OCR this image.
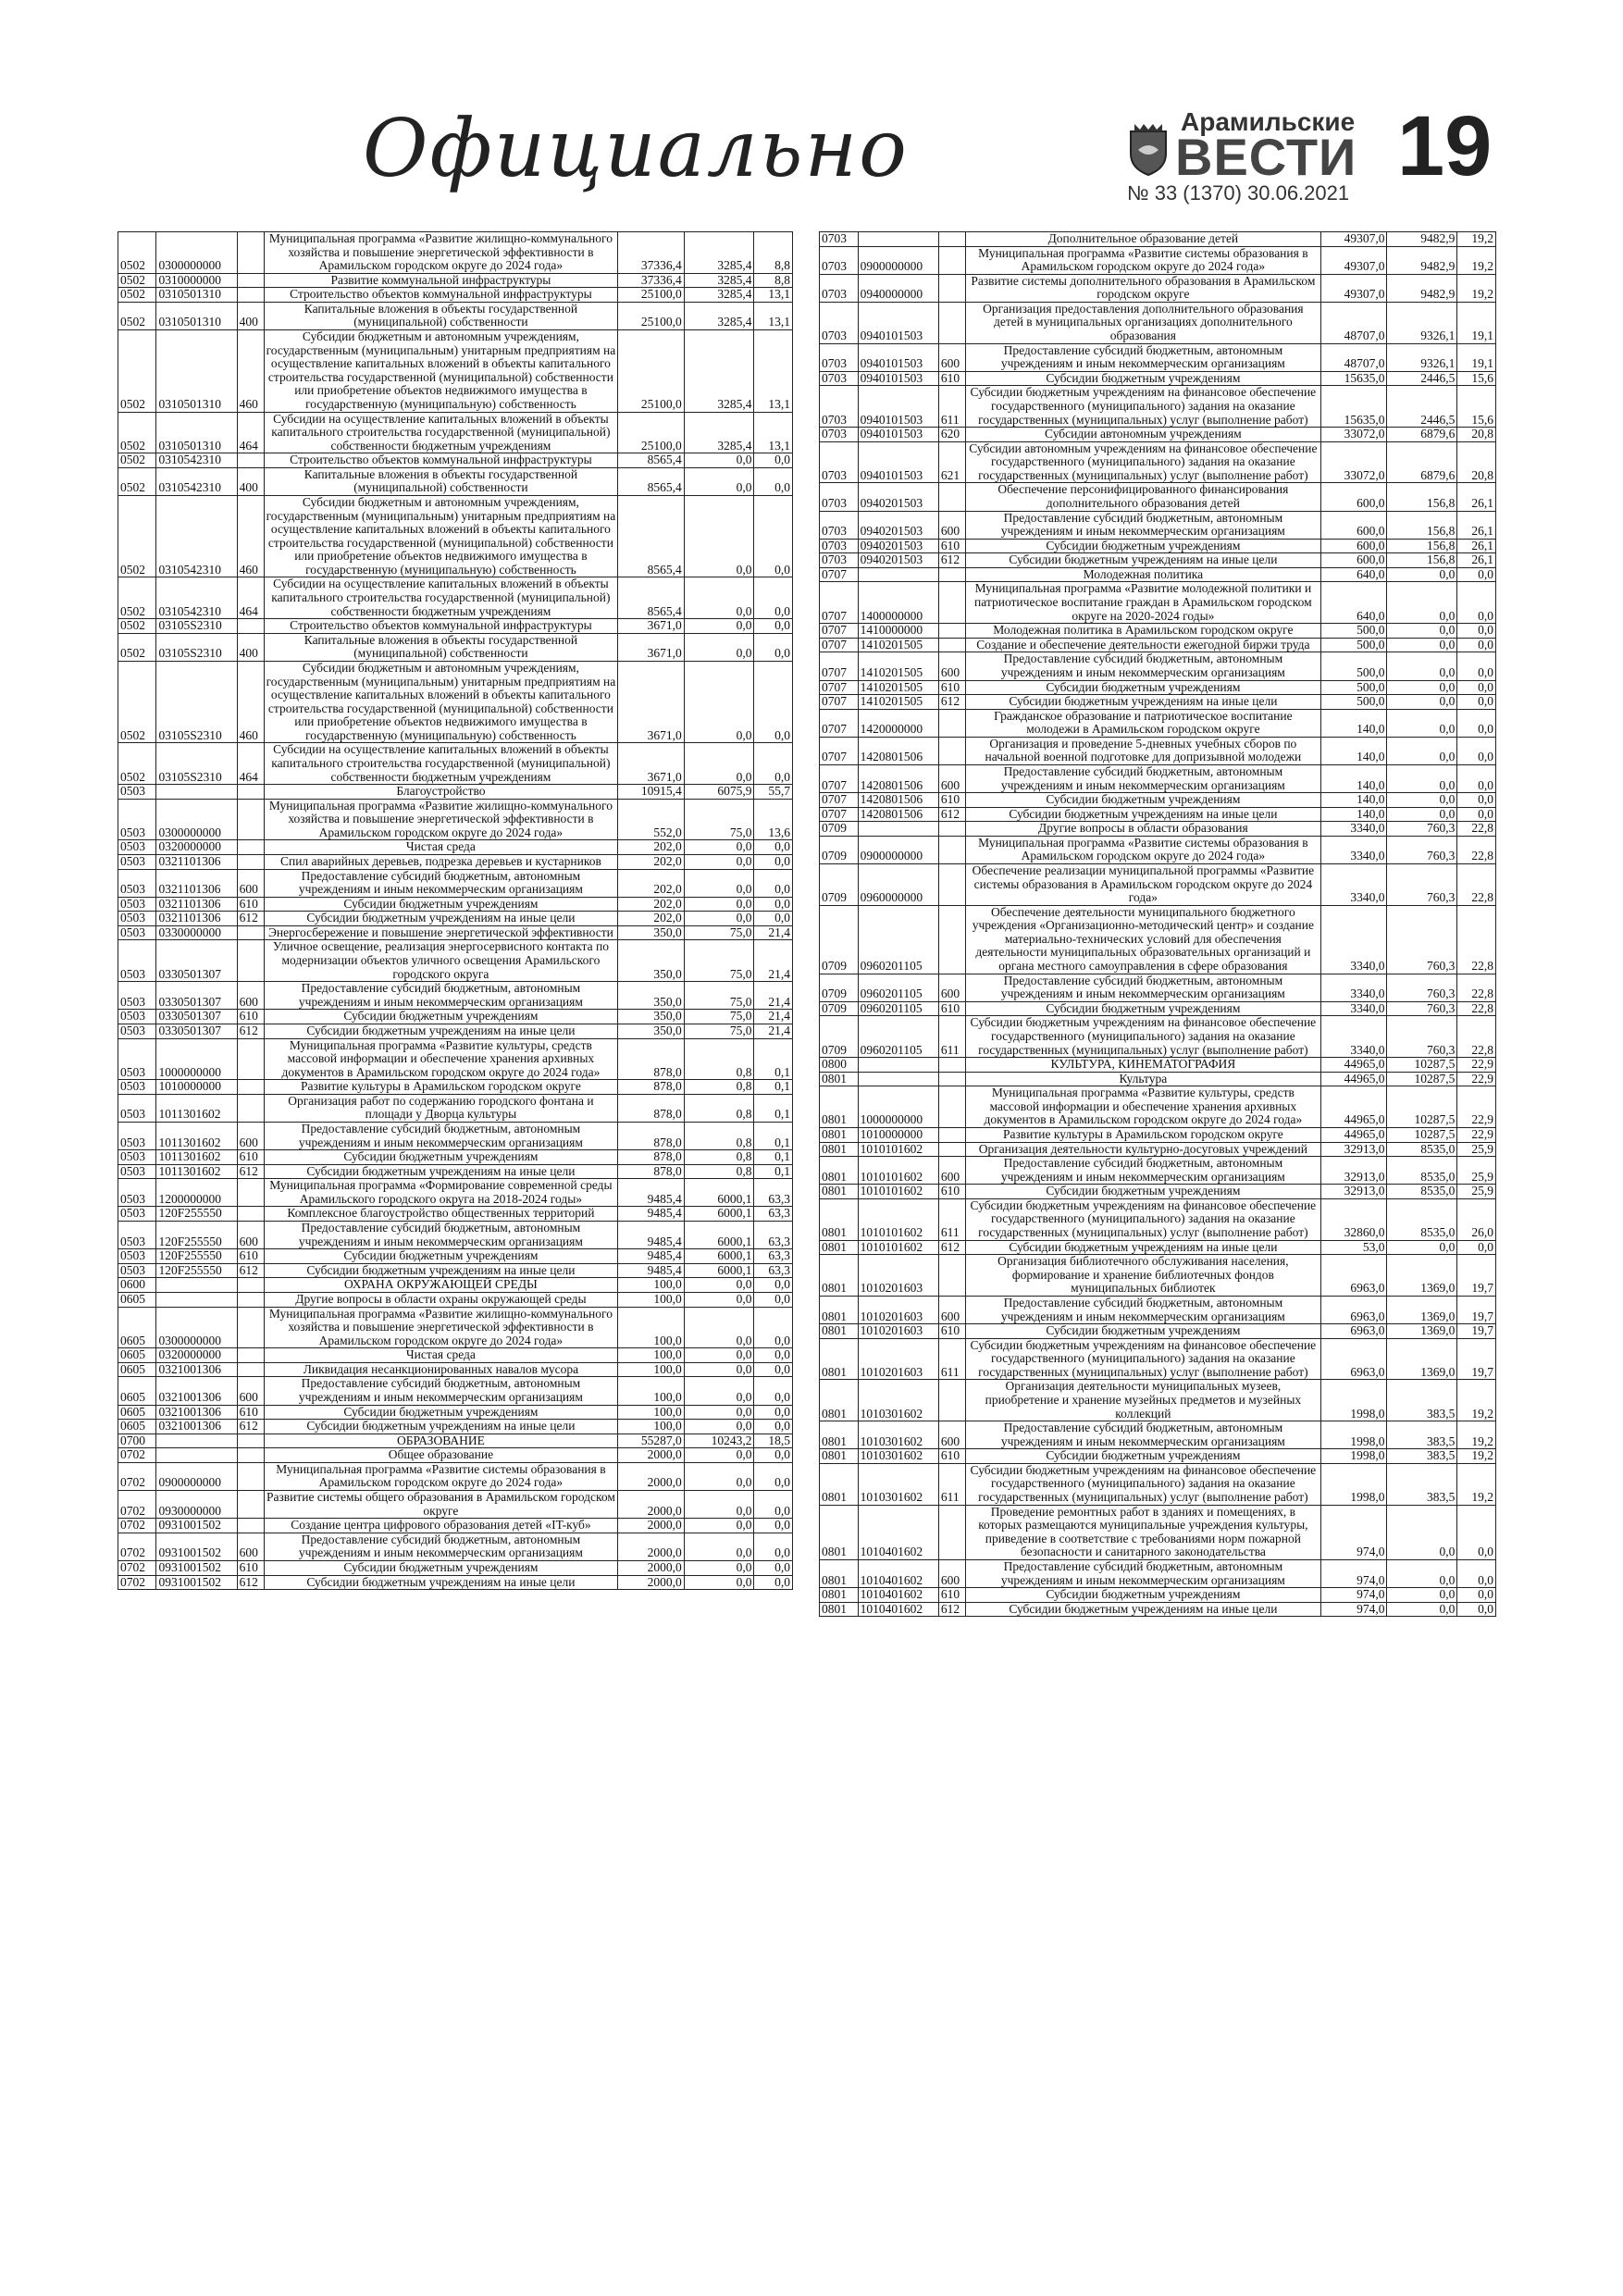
Официально	Арамильские
ВЕСТИ 19
№ 33 (1370) 30.06.2021
0502	0300000000		Муниципальная программа «Развитие жилищно-коммунального хозяйства и повышение энергетической эффективности в Арамильском городском округе до 2024 года»	37336,4	3285,4	8,8
0502	0310000000		Развитие коммунальной инфраструктуры	37336,4	3285,4	8,8
0502	0310501310		Строительство объектов коммунальной инфраструктуры	25100,0	3285,4	13,1
0502	0310501310	400	Капитальные вложения в объекты государственной (муниципальной) собственности	25100,0	3285,4	13,1
0502	0310501310	460	Субсидии бюджетным и автономным учреждениям, государственным (муниципальным) унитарным предприятиям на осуществление капитальных вложений в объекты капитального строительства государственной (муниципальной) собственности или приобретение объектов недвижимого имущества в государственную (муниципальную) собственность	25100,0	3285,4	13,1
0502	0310501310	464	Субсидии на осуществление капитальных вложений в объекты капитального строительства государственной (муниципальной) собственности бюджетным учреждениям	25100,0	3285,4	13,1
0502	0310542310		Строительство объектов коммунальной инфраструктуры	8565,4	0,0	0,0
0502	0310542310	400	Капитальные вложения в объекты государственной (муниципальной) собственности	8565,4	0,0	0,0
0502	0310542310	460	Субсидии бюджетным и автономным учреждениям, государственным (муниципальным) унитарным предприятиям на осуществление капитальных вложений в объекты капитального строительства государственной (муниципальной) собственности или приобретение объектов недвижимого имущества в государственную (муниципальную) собственность	8565,4	0,0	0,0
0502	0310542310	464	Субсидии на осуществление капитальных вложений в объекты капитального строительства государственной (муниципальной) собственности бюджетным учреждениям	8565,4	0,0	0,0
0502	03105S2310		Строительство объектов коммунальной инфраструктуры	3671,0	0,0	0,0
0502	03105S2310	400	Капитальные вложения в объекты государственной (муниципальной) собственности	3671,0	0,0	0,0
0502	03105S2310	460	Субсидии бюджетным и автономным учреждениям, государственным (муниципальным) унитарным предприятиям на осуществление капитальных вложений в объекты капитального строительства государственной (муниципальной) собственности или приобретение объектов недвижимого имущества в государственную (муниципальную) собственность	3671,0	0,0	0,0
0502	03105S2310	464	Субсидии на осуществление капитальных вложений в объекты капитального строительства государственной (муниципальной) собственности бюджетным учреждениям	3671,0	0,0	0,0
0503			Благоустройство	10915,4	6075,9	55,7
0503	0300000000		Муниципальная программа «Развитие жилищно-коммунального хозяйства и повышение энергетической эффективности в Арамильском городском округе до 2024 года»	552,0	75,0	13,6
0503	0320000000		Чистая среда	202,0	0,0	0,0
0503	0321101306		Спил аварийных деревьев, подрезка деревьев и кустарников	202,0	0,0	0,0
0503	0321101306	600	Предоставление субсидий бюджетным, автономным учреждениям и иным некоммерческим организациям	202,0	0,0	0,0
0503	0321101306	610	Субсидии бюджетным учреждениям	202,0	0,0	0,0
0503	0321101306	612	Субсидии бюджетным учреждениям на иные цели	202,0	0,0	0,0
0503	0330000000		Энергосбережение и повышение энергетической эффективности	350,0	75,0	21,4
0503	0330501307		Уличное освещение, реализация энергосервисного контакта по модернизации объектов уличного освещения Арамильского городского округа	350,0	75,0	21,4
0503	0330501307	600	Предоставление субсидий бюджетным, автономным учреждениям и иным некоммерческим организациям	350,0	75,0	21,4
0503	0330501307	610	Субсидии бюджетным учреждениям	350,0	75,0	21,4
0503	0330501307	612	Субсидии бюджетным учреждениям на иные цели	350,0	75,0	21,4
0503	1000000000		Муниципальная программа «Развитие культуры, средств массовой информации и обеспечение хранения архивных документов в Арамильском городском округе до 2024 года»	878,0	0,8	0,1
0503	1010000000		Развитие культуры в Арамильском городском округе	878,0	0,8	0,1
0503	1011301602		Организация работ по содержанию городского фонтана и площади у Дворца культуры	878,0	0,8	0,1
0503	1011301602	600	Предоставление субсидий бюджетным, автономным учреждениям и иным некоммерческим организациям	878,0	0,8	0,1
0503	1011301602	610	Субсидии бюджетным учреждениям	878,0	0,8	0,1
0503	1011301602	612	Субсидии бюджетным учреждениям на иные цели	878,0	0,8	0,1
0503	1200000000		Муниципальная программа «Формирование современной среды Арамильского городского округа на 2018-2024 годы»	9485,4	6000,1	63,3
0503	120F255550		Комплексное благоустройство общественных территорий	9485,4	6000,1	63,3
0503	120F255550	600	Предоставление субсидий бюджетным, автономным учреждениям и иным некоммерческим организациям	9485,4	6000,1	63,3
0503	120F255550	610	Субсидии бюджетным учреждениям	9485,4	6000,1	63,3
0503	120F255550	612	Субсидии бюджетным учреждениям на иные цели	9485,4	6000,1	63,3
0600			ОХРАНА ОКРУЖАЮЩЕЙ СРЕДЫ	100,0	0,0	0,0
0605			Другие вопросы в области охраны окружающей среды	100,0	0,0	0,0
0605	0300000000		Муниципальная программа «Развитие жилищно-коммунального хозяйства и повышение энергетической эффективности в Арамильском городском округе до 2024 года»	100,0	0,0	0,0
0605	0320000000		Чистая среда	100,0	0,0	0,0
0605	0321001306		Ликвидация несанкционированных навалов мусора	100,0	0,0	0,0
0605	0321001306	600	Предоставление субсидий бюджетным, автономным учреждениям и иным некоммерческим организациям	100,0	0,0	0,0
0605	0321001306	610	Субсидии бюджетным учреждениям	100,0	0,0	0,0
0605	0321001306	612	Субсидии бюджетным учреждениям на иные цели	100,0	0,0	0,0
0700			ОБРАЗОВАНИЕ	55287,0	10243,2	18,5
0702			Общее образование	2000,0	0,0	0,0
0702	0900000000		Муниципальная программа «Развитие системы образования в Арамильском городском округе до 2024 года»	2000,0	0,0	0,0
0702	0930000000		Развитие системы общего образования в Арамильском городском округе	2000,0	0,0	0,0
0702	0931001502		Создание центра цифрового образования детей «IT-куб»	2000,0	0,0	0,0
0702	0931001502	600	Предоставление субсидий бюджетным, автономным учреждениям и иным некоммерческим организациям	2000,0	0,0	0,0
0702	0931001502	610	Субсидии бюджетным учреждениям	2000,0	0,0	0,0
0702	0931001502	612	Субсидии бюджетным учреждениям на иные цели	2000,0	0,0	0,0
0703			Дополнительное образование детей	49307,0	9482,9	19,2
0703	0900000000		Муниципальная программа «Развитие системы образования в Арамильском городском округе до 2024 года»	49307,0	9482,9	19,2
0703	0940000000		Развитие системы дополнительного образования в Арамильском городском округе	49307,0	9482,9	19,2
0703	0940101503		Организация предоставления дополнительного образования детей в муниципальных организациях дополнительного образования	48707,0	9326,1	19,1
0703	0940101503	600	Предоставление субсидий бюджетным, автономным учреждениям и иным некоммерческим организациям	48707,0	9326,1	19,1
0703	0940101503	610	Субсидии бюджетным учреждениям	15635,0	2446,5	15,6
0703	0940101503	611	Субсидии бюджетным учреждениям на финансовое обеспечение государственного (муниципального) задания на оказание государственных (муниципальных) услуг (выполнение работ)	15635,0	2446,5	15,6
0703	0940101503	620	Субсидии автономным учреждениям	33072,0	6879,6	20,8
0703	0940101503	621	Субсидии автономным учреждениям на финансовое обеспечение государственного (муниципального) задания на оказание государственных (муниципальных) услуг (выполнение работ)	33072,0	6879,6	20,8
0703	0940201503		Обеспечение персонифицированного финансирования дополнительного образования детей	600,0	156,8	26,1
0703	0940201503	600	Предоставление субсидий бюджетным, автономным учреждениям и иным некоммерческим организациям	600,0	156,8	26,1
0703	0940201503	610	Субсидии бюджетным учреждениям	600,0	156,8	26,1
0703	0940201503	612	Субсидии бюджетным учреждениям на иные цели	600,0	156,8	26,1
0707			Молодежная политика	640,0	0,0	0,0
0707	1400000000		Муниципальная программа «Развитие молодежной политики и патриотическое воспитание граждан в Арамильском городском округе на 2020-2024 годы»	640,0	0,0	0,0
0707	1410000000		Молодежная политика в Арамильском городском округе	500,0	0,0	0,0
0707	1410201505		Создание и обеспечение деятельности ежегодной биржи труда	500,0	0,0	0,0
0707	1410201505	600	Предоставление субсидий бюджетным, автономным учреждениям и иным некоммерческим организациям	500,0	0,0	0,0
0707	1410201505	610	Субсидии бюджетным учреждениям	500,0	0,0	0,0
0707	1410201505	612	Субсидии бюджетным учреждениям на иные цели	500,0	0,0	0,0
0707	1420000000		Гражданское образование и патриотическое воспитание молодежи в Арамильском городском округе	140,0	0,0	0,0
0707	1420801506		Организация и проведение 5-дневных учебных сборов по начальной военной подготовке для допризывной молодежи	140,0	0,0	0,0
0707	1420801506	600	Предоставление субсидий бюджетным, автономным учреждениям и иным некоммерческим организациям	140,0	0,0	0,0
0707	1420801506	610	Субсидии бюджетным учреждениям	140,0	0,0	0,0
0707	1420801506	612	Субсидии бюджетным учреждениям на иные цели	140,0	0,0	0,0
0709			Другие вопросы в области образования	3340,0	760,3	22,8
0709	0900000000		Муниципальная программа «Развитие системы образования в Арамильском городском округе до 2024 года»	3340,0	760,3	22,8
0709	0960000000		Обеспечение реализации муниципальной программы «Развитие системы образования в Арамильском городском округе до 2024 года»	3340,0	760,3	22,8
0709	0960201105		Обеспечение деятельности муниципального бюджетного учреждения «Организационно-методический центр» и создание материально-технических условий для обеспечения деятельности муниципальных образовательных организаций и органа местного самоуправления в сфере образования	3340,0	760,3	22,8
0709	0960201105	600	Предоставление субсидий бюджетным, автономным учреждениям и иным некоммерческим организациям	3340,0	760,3	22,8
0709	0960201105	610	Субсидии бюджетным учреждениям	3340,0	760,3	22,8
0709	0960201105	611	Субсидии бюджетным учреждениям на финансовое обеспечение государственного (муниципального) задания на оказание государственных (муниципальных) услуг (выполнение работ)	3340,0	760,3	22,8
0800			КУЛЬТУРА, КИНЕМАТОГРАФИЯ	44965,0	10287,5	22,9
0801			Культура	44965,0	10287,5	22,9
0801	1000000000		Муниципальная программа «Развитие культуры, средств массовой информации и обеспечение хранения архивных документов в Арамильском городском округе до 2024 года»	44965,0	10287,5	22,9
0801	1010000000		Развитие культуры в Арамильском городском округе	44965,0	10287,5	22,9
0801	1010101602		Организация деятельности культурно-досуговых учреждений	32913,0	8535,0	25,9
0801	1010101602	600	Предоставление субсидий бюджетным, автономным учреждениям и иным некоммерческим организациям	32913,0	8535,0	25,9
0801	1010101602	610	Субсидии бюджетным учреждениям	32913,0	8535,0	25,9
0801	1010101602	611	Субсидии бюджетным учреждениям на финансовое обеспечение государственного (муниципального) задания на оказание государственных (муниципальных) услуг (выполнение работ)	32860,0	8535,0	26,0
0801	1010101602	612	Субсидии бюджетным учреждениям на иные цели	53,0	0,0	0,0
0801	1010201603		Организация библиотечного обслуживания населения, формирование и хранение библиотечных фондов муниципальных библиотек	6963,0	1369,0	19,7
0801	1010201603	600	Предоставление субсидий бюджетным, автономным учреждениям и иным некоммерческим организациям	6963,0	1369,0	19,7
0801	1010201603	610	Субсидии бюджетным учреждениям	6963,0	1369,0	19,7
0801	1010201603	611	Субсидии бюджетным учреждениям на финансовое обеспечение государственного (муниципального) задания на оказание государственных (муниципальных) услуг (выполнение работ)	6963,0	1369,0	19,7
0801	1010301602		Организация деятельности муниципальных музеев, приобретение и хранение музейных предметов и музейных коллекций	1998,0	383,5	19,2
0801	1010301602	600	Предоставление субсидий бюджетным, автономным учреждениям и иным некоммерческим организациям	1998,0	383,5	19,2
0801	1010301602	610	Субсидии бюджетным учреждениям	1998,0	383,5	19,2
0801	1010301602	611	Субсидии бюджетным учреждениям на финансовое обеспечение государственного (муниципального) задания на оказание государственных (муниципальных) услуг (выполнение работ)	1998,0	383,5	19,2
0801	1010401602		Проведение ремонтных работ в зданиях и помещениях, в которых размещаются муниципальные учреждения культуры, приведение в соответствие с требованиями норм пожарной безопасности и санитарного законодательства	974,0	0,0	0,0
0801	1010401602	600	Предоставление субсидий бюджетным, автономным учреждениям и иным некоммерческим организациям	974,0	0,0	0,0
0801	1010401602	610	Субсидии бюджетным учреждениям	974,0	0,0	0,0
0801	1010401602	612	Субсидии бюджетным учреждениям на иные цели	974,0	0,0	0,0
